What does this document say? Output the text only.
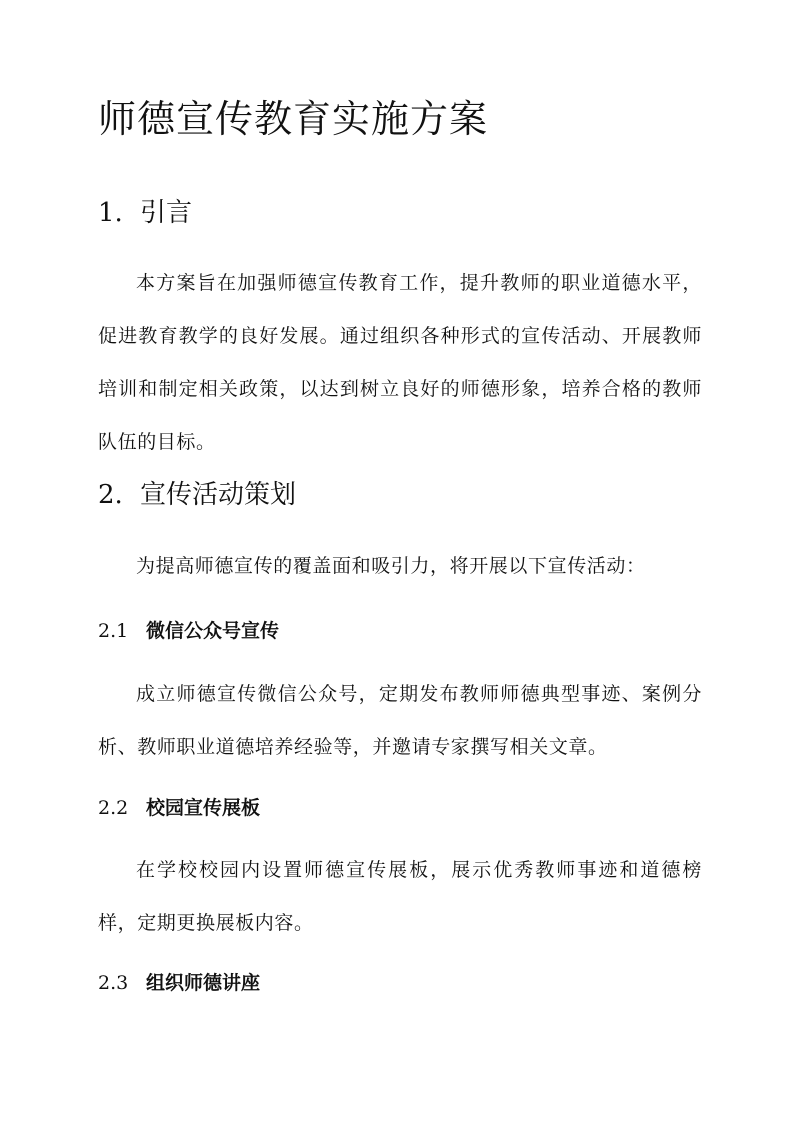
师德宣传教育实施方案
1. 引言

本方案旨在加强师德宣传教育工作，提升教师的职业道德水平，促进教育教学的良好发展。通过组织各种形式的宣传活动、开展教师培训和制定相关政策，以达到树立良好的师德形象，培养合格的教师队伍的目标。

2. 宣传活动策划

为提高师德宣传的覆盖面和吸引力，将开展以下宣传活动：

2.1 微信公众号宣传

成立师德宣传微信公众号，定期发布教师师德典型事迹、案例分析、教师职业道德培养经验等，并邀请专家撰写相关文章。

2.2 校园宣传展板

在学校校园内设置师德宣传展板，展示优秀教师事迹和道德榜样，定期更换展板内容。

2.3 组织师德讲座
